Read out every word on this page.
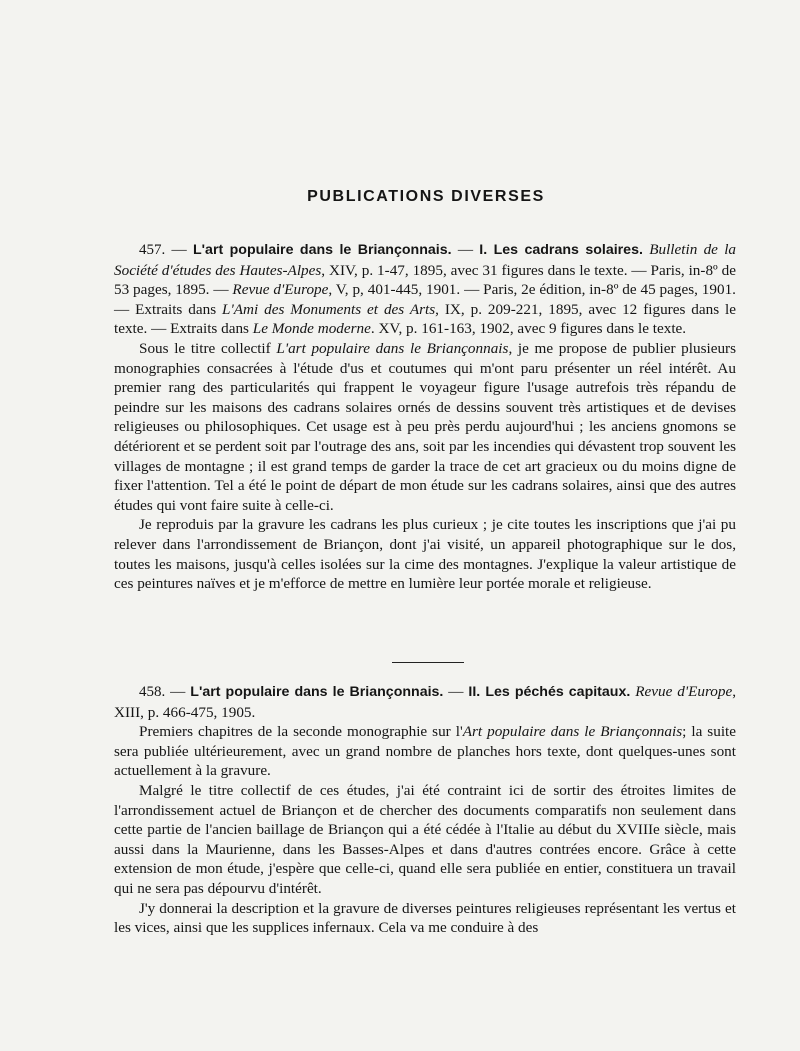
PUBLICATIONS DIVERSES

457. — L'art populaire dans le Briançonnais. — I. Les cadrans solaires. Bulletin de la Société d'études des Hautes-Alpes, XIV, p. 1-47, 1895, avec 31 figures dans le texte. — Paris, in-8º de 53 pages, 1895. — Revue d'Europe, V, p, 401-445, 1901. — Paris, 2e édition, in-8º de 45 pages, 1901. — Extraits dans L'Ami des Monuments et des Arts, IX, p. 209-221, 1895, avec 12 figures dans le texte. — Extraits dans Le Monde moderne. XV, p. 161-163, 1902, avec 9 figures dans le texte.

Sous le titre collectif L'art populaire dans le Briançonnais, je me propose de publier plusieurs monographies consacrées à l'étude d'us et coutumes qui m'ont paru présenter un réel intérêt. Au premier rang des particularités qui frappent le voyageur figure l'usage autrefois très répandu de peindre sur les maisons des cadrans solaires ornés de dessins souvent très artistiques et de devises religieuses ou philosophiques. Cet usage est à peu près perdu aujourd'hui ; les anciens gnomons se détériorent et se perdent soit par l'outrage des ans, soit par les incendies qui dévastent trop souvent les villages de montagne ; il est grand temps de garder la trace de cet art gracieux ou du moins digne de fixer l'attention. Tel a été le point de départ de mon étude sur les cadrans solaires, ainsi que des autres études qui vont faire suite à celle-ci.

Je reproduis par la gravure les cadrans les plus curieux ; je cite toutes les inscriptions que j'ai pu relever dans l'arrondissement de Briançon, dont j'ai visité, un appareil photographique sur le dos, toutes les maisons, jusqu'à celles isolées sur la cime des montagnes. J'explique la valeur artistique de ces peintures naïves et je m'efforce de mettre en lumière leur portée morale et religieuse.

458. — L'art populaire dans le Briançonnais. — II. Les péchés capitaux. Revue d'Europe, XIII, p. 466-475, 1905.

Premiers chapitres de la seconde monographie sur l'Art populaire dans le Briançonnais; la suite sera publiée ultérieurement, avec un grand nombre de planches hors texte, dont quelques-unes sont actuellement à la gravure.

Malgré le titre collectif de ces études, j'ai été contraint ici de sortir des étroites limites de l'arrondissement actuel de Briançon et de chercher des documents comparatifs non seulement dans cette partie de l'ancien baillage de Briançon qui a été cédée à l'Italie au début du XVIIIe siècle, mais aussi dans la Maurienne, dans les Basses-Alpes et dans d'autres contrées encore. Grâce à cette extension de mon étude, j'espère que celle-ci, quand elle sera publiée en entier, constituera un travail qui ne sera pas dépourvu d'intérêt.

J'y donnerai la description et la gravure de diverses peintures religieuses représentant les vertus et les vices, ainsi que les supplices infernaux. Cela va me conduire à des
